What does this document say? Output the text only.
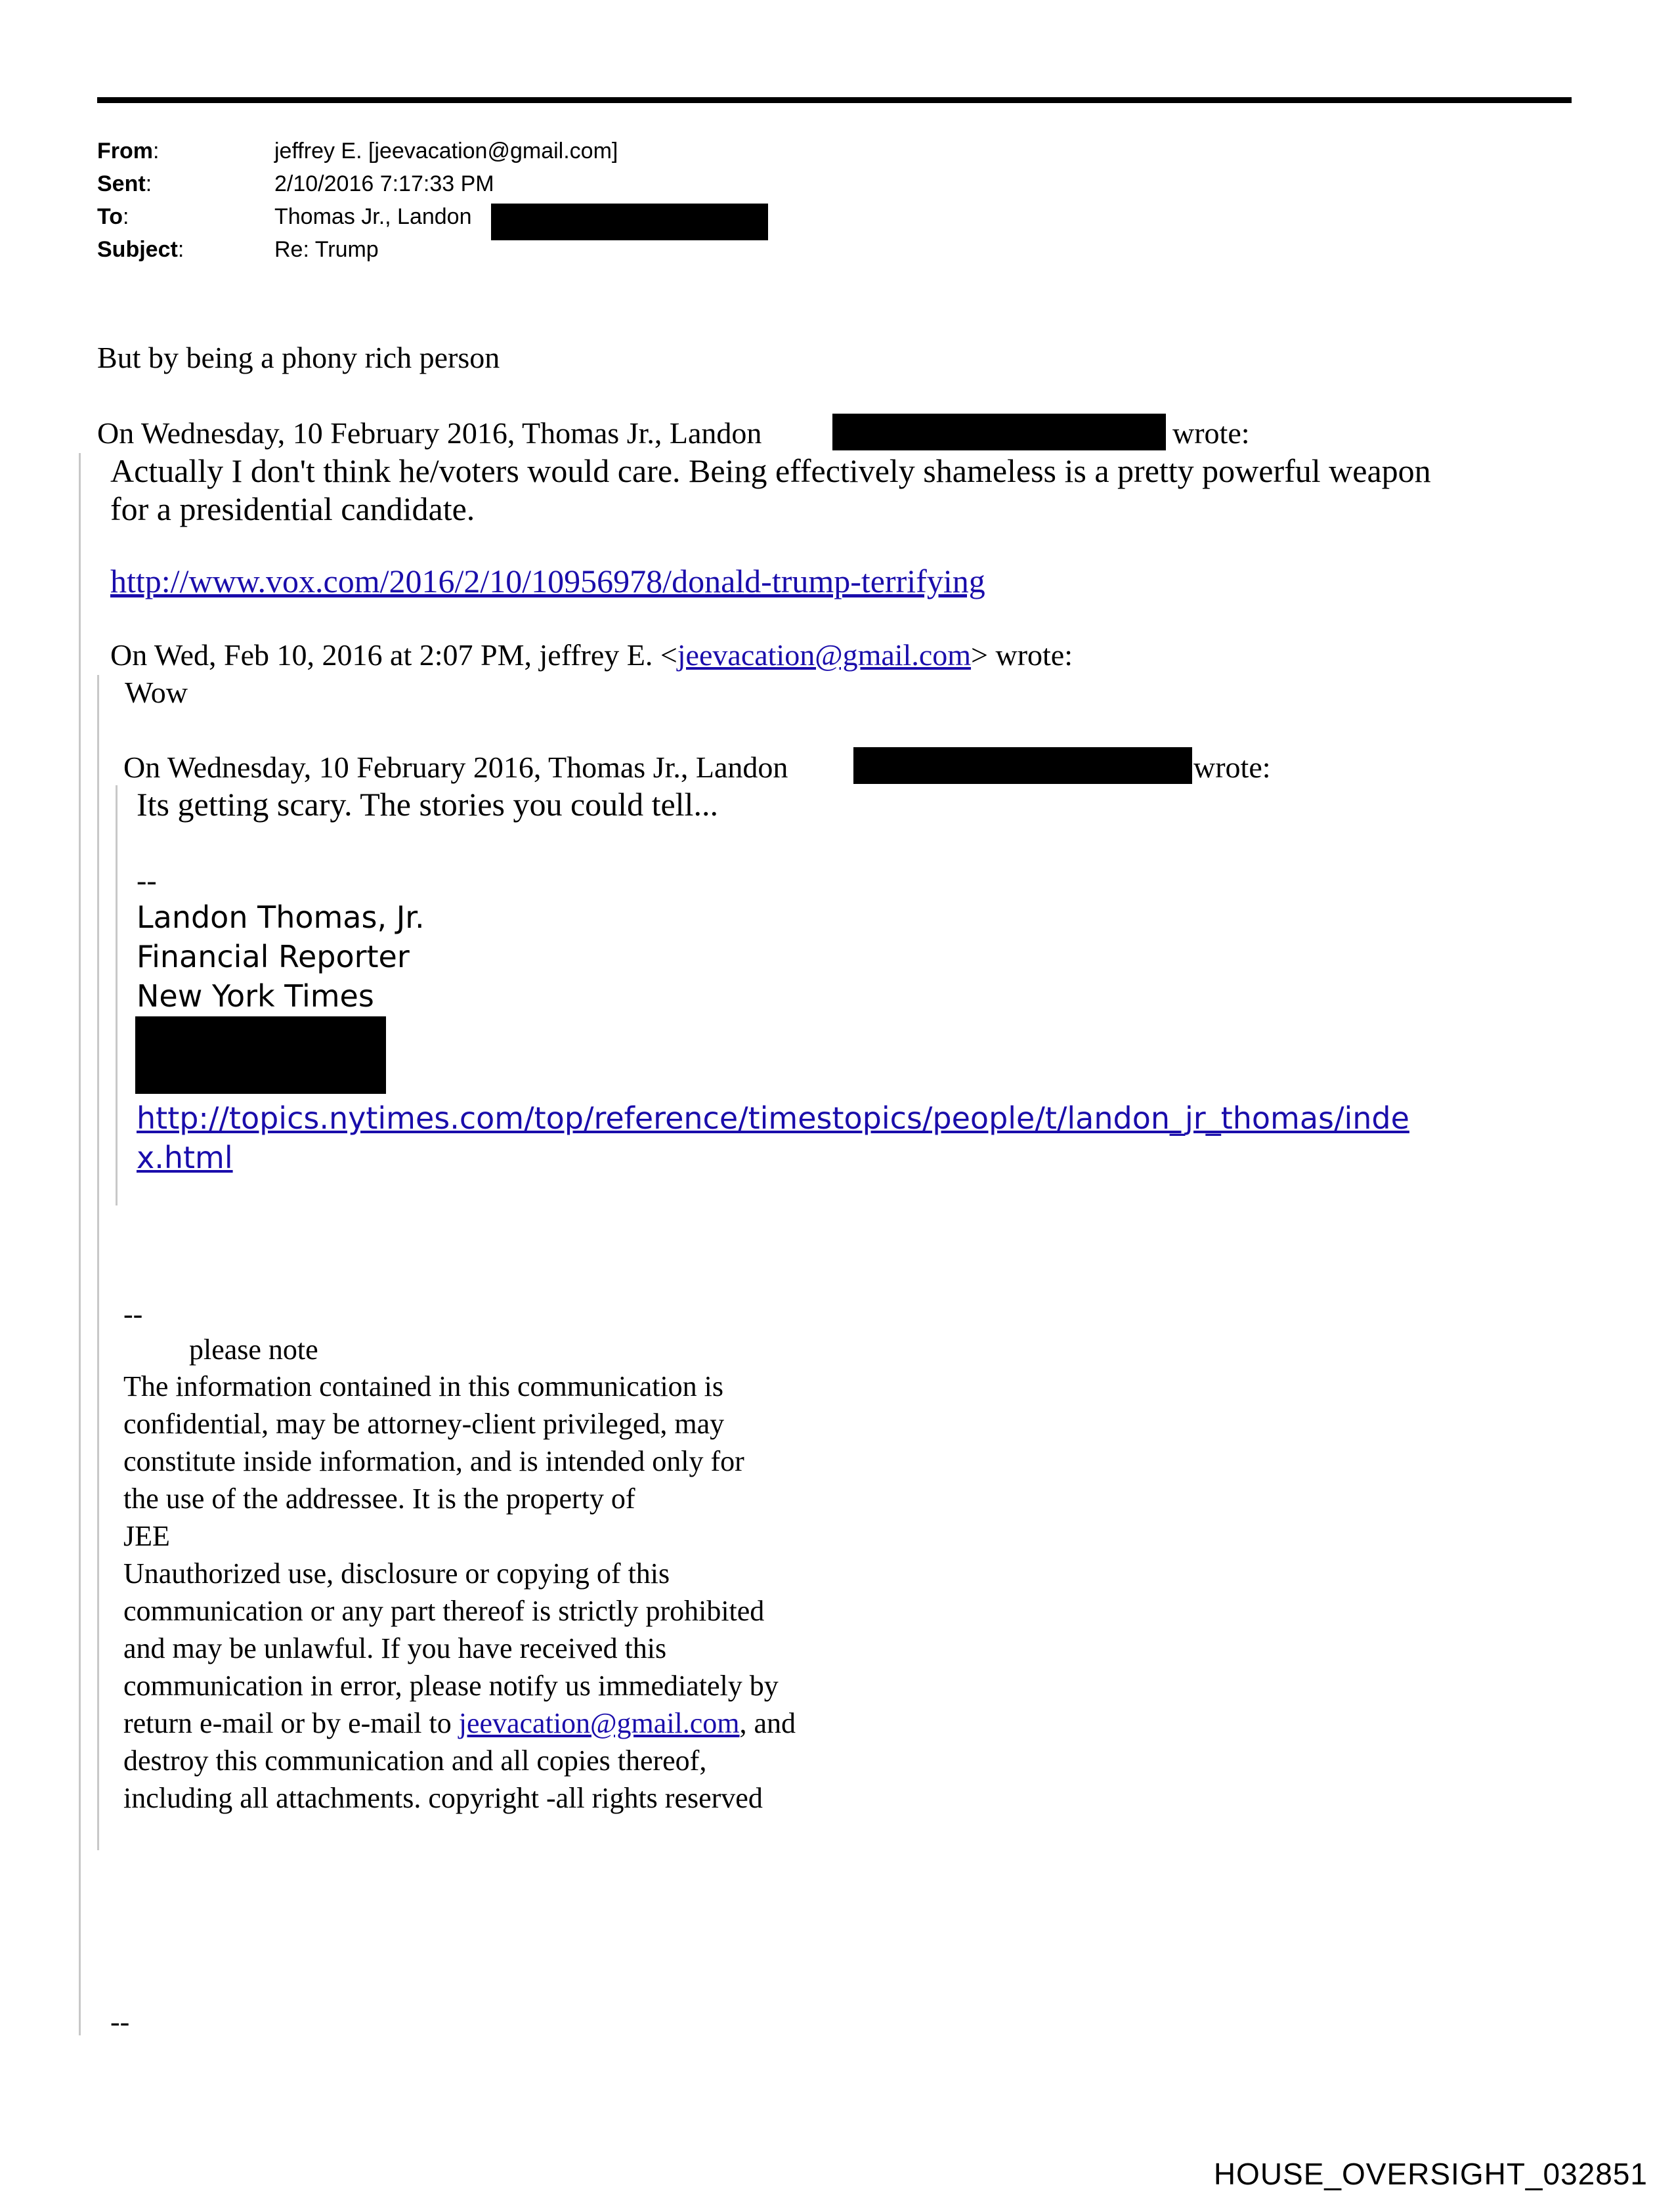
From:	jeffrey E. [jeevacation@gmail.com]
Sent:	2/10/2016 7:17:33 PM
To:	Thomas Jr., Landon
Subject:	Re: Trump
But by being a phony rich person
On Wednesday, 10 February 2016, Thomas Jr., Landon	wrote:
Actually I don't think he/voters would care. Being effectively shameless is a pretty powerful weapon
for a presidential candidate.
http://www.vox.com/2016/2/10/10956978/donald-trump-terrifying
On Wed, Feb 10, 2016 at 2:07 PM, jeffrey E. <jeevacation@gmail.com> wrote:
Wow
On Wednesday, 10 February 2016, Thomas Jr., Landon	wrote:
Its getting scary. The stories you could tell...
--
Landon Thomas, Jr.
Financial Reporter
New York Times
http://topics.nytimes.com/top/reference/timestopics/people/t/landon_jr_thomas/inde
x.html
--
please note
The information contained in this communication is
confidential, may be attorney-client privileged, may
constitute inside information, and is intended only for
the use of the addressee. It is the property of
JEE
Unauthorized use, disclosure or copying of this
communication or any part thereof is strictly prohibited
and may be unlawful. If you have received this
communication in error, please notify us immediately by
return e-mail or by e-mail to jeevacation@gmail.com, and
destroy this communication and all copies thereof,
including all attachments. copyright -all rights reserved
--
HOUSE_OVERSIGHT_032851
